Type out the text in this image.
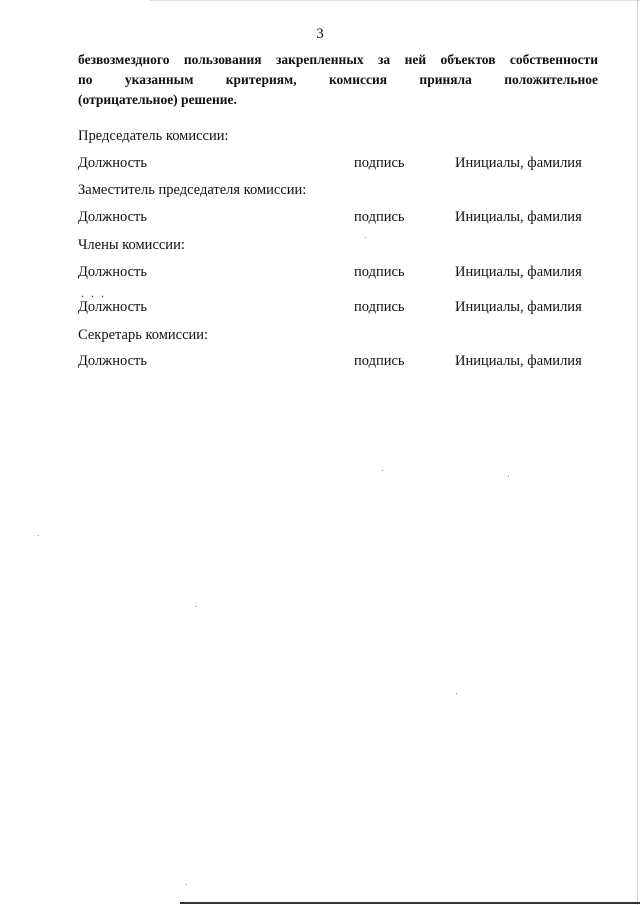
3
безвозмездного пользования закрепленных за ней объектов собственности
по указанным критериям, комиссия приняла положительное
(отрицательное) решение.
Председатель комиссии:
Должность	подпись	Инициалы, фамилия
Заместитель председателя комиссии:
Должность	подпись	Инициалы, фамилия
Члены комиссии:
Должность	подпись	Инициалы, фамилия
. . .
Должность	подпись	Инициалы, фамилия
Секретарь комиссии:
Должность	подпись	Инициалы, фамилия
